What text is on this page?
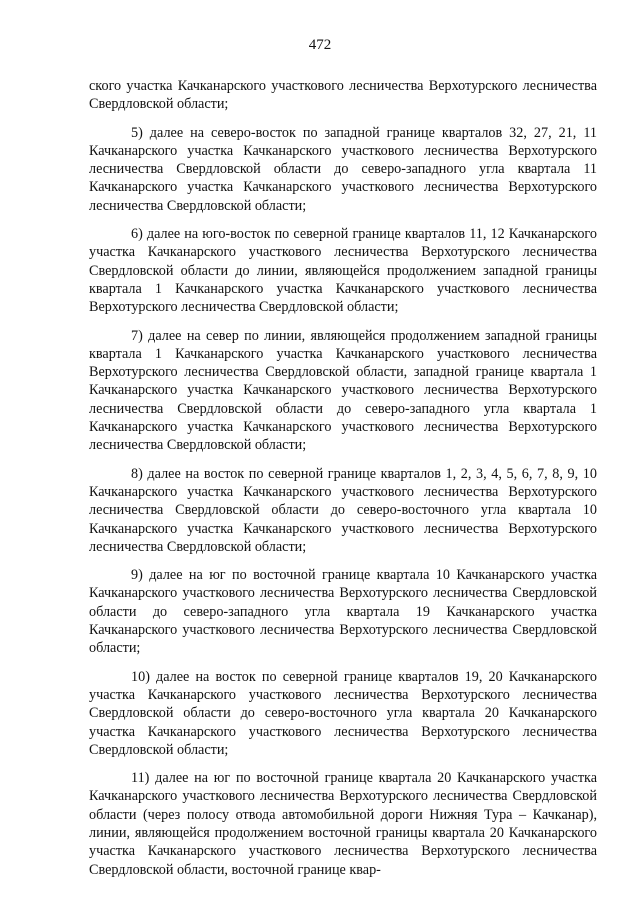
472

ского участка Качканарского участкового лесничества Верхотурского лесничества Свердловской области;

5) далее на северо-восток по западной границе кварталов 32, 27, 21, 11 Качканарского участка Качканарского участкового лесничества Верхотурского лесничества Свердловской области до северо-западного угла квартала 11 Качканарского участка Качканарского участкового лесничества Верхотурского лесничества Свердловской области;

6) далее на юго-восток по северной границе кварталов 11, 12 Качканарского участка Качканарского участкового лесничества Верхотурского лесничества Свердловской области до линии, являющейся продолжением западной границы квартала 1 Качканарского участка Качканарского участкового лесничества Верхотурского лесничества Свердловской области;

7) далее на север по линии, являющейся продолжением западной границы квартала 1 Качканарского участка Качканарского участкового лесничества Верхотурского лесничества Свердловской области, западной границе квартала 1 Качканарского участка Качканарского участкового лесничества Верхотурского лесничества Свердловской области до северо-западного угла квартала 1 Качканарского участка Качканарского участкового лесничества Верхотурского лесничества Свердловской области;

8) далее на восток по северной границе кварталов 1, 2, 3, 4, 5, 6, 7, 8, 9, 10 Качканарского участка Качканарского участкового лесничества Верхотурского лесничества Свердловской области до северо-восточного угла квартала 10 Качканарского участка Качканарского участкового лесничества Верхотурского лесничества Свердловской области;

9) далее на юг по восточной границе квартала 10 Качканарского участка Качканарского участкового лесничества Верхотурского лесничества Свердловской области до северо-западного угла квартала 19 Качканарского участка Качканарского участкового лесничества Верхотурского лесничества Свердловской области;

10) далее на восток по северной границе кварталов 19, 20 Качканарского участка Качканарского участкового лесничества Верхотурского лесничества Свердловской области до северо-восточного угла квартала 20 Качканарского участка Качканарского участкового лесничества Верхотурского лесничества Свердловской области;

11) далее на юг по восточной границе квартала 20 Качканарского участка Качканарского участкового лесничества Верхотурского лесничества Свердловской области (через полосу отвода автомобильной дороги Нижняя Тура – Качканар), линии, являющейся продолжением восточной границы квартала 20 Качканарского участка Качканарского участкового лесничества Верхотурского лесничества Свердловской области, восточной границе квар-
